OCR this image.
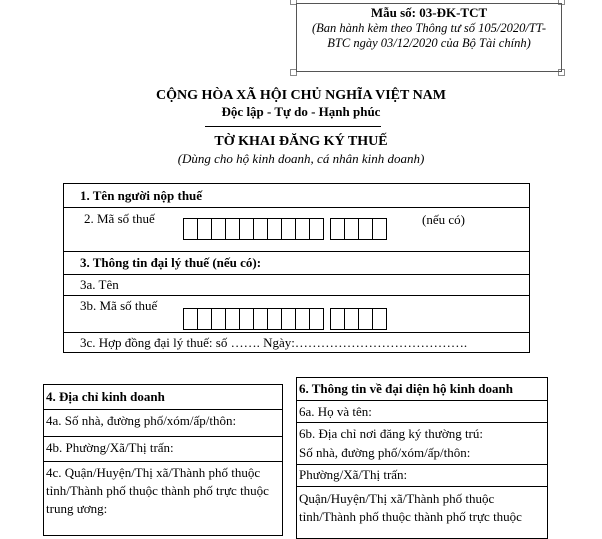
Mẫu số: 03-ĐK-TCT
(Ban hành kèm theo Thông tư số 105/2020/TT-BTC ngày 03/12/2020 của Bộ Tài chính)
CỘNG HÒA XÃ HỘI CHỦ NGHĨA VIỆT NAM
Độc lập - Tự do - Hạnh phúc
TỜ KHAI ĐĂNG KÝ THUẾ
(Dùng cho hộ kinh doanh, cá nhân kinh doanh)
1. Tên người nộp thuế
2. Mã số thuế	(nếu có)
3. Thông tin đại lý thuế (nếu có):
3a. Tên
3b. Mã số thuế
3c. Hợp đồng đại lý thuế: số ……. Ngày:………………………………….
4. Địa chỉ kinh doanh
4a. Số nhà, đường phố/xóm/ấp/thôn:
4b. Phường/Xã/Thị trấn:
4c. Quận/Huyện/Thị xã/Thành phố thuộc tỉnh/Thành phố thuộc thành phố trực thuộc trung ương:
6. Thông tin về đại diện hộ kinh doanh
6a. Họ và tên:
6b. Địa chỉ nơi đăng ký thường trú:
Số nhà, đường phố/xóm/ấp/thôn:
Phường/Xã/Thị trấn:
Quận/Huyện/Thị xã/Thành phố thuộc tỉnh/Thành phố thuộc thành phố trực thuộc
